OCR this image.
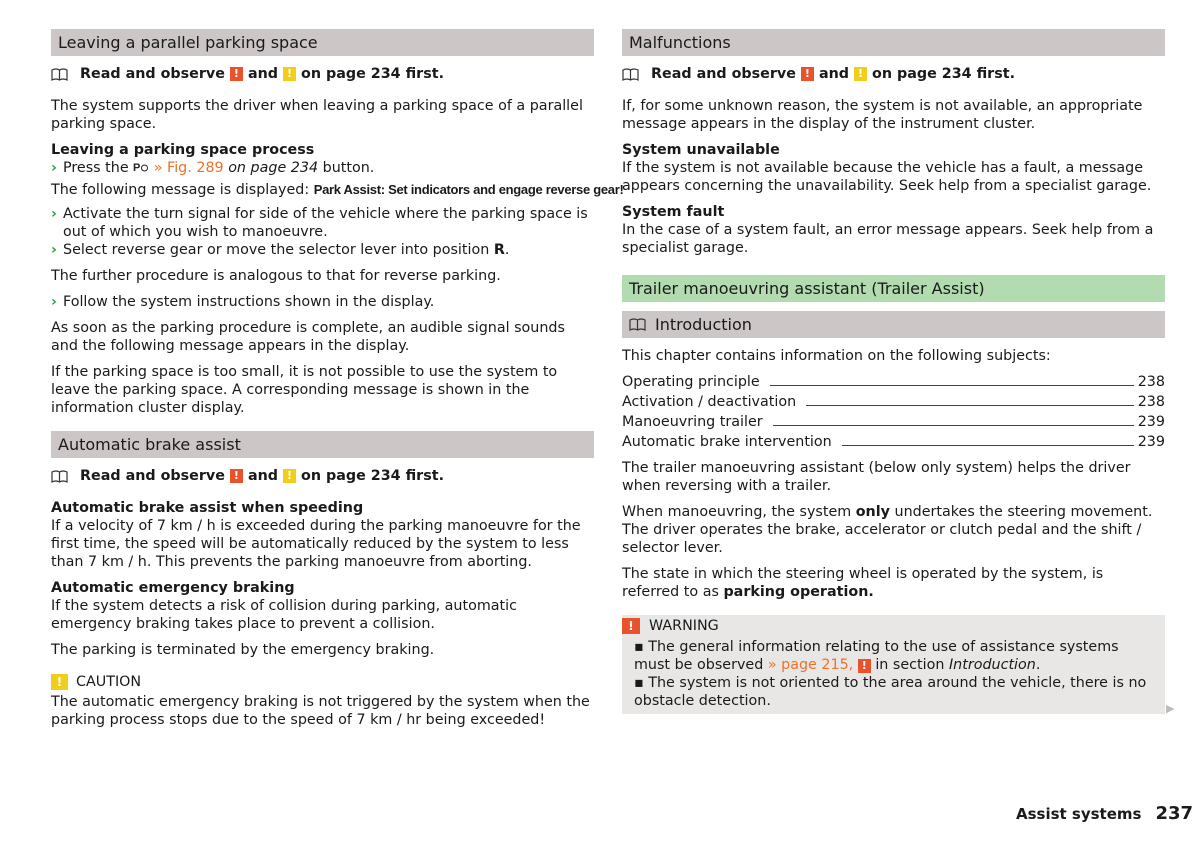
Leaving a parallel parking space
Read and observe ! and ! on page 234 first.

The system supports the driver when leaving a parking space of a parallel parking space.

Leaving a parking space process
› Press the P » Fig. 289 on page 234 button.

The following message is displayed: Park Assist: Set indicators and engage reverse gear!

› Activate the turn signal for side of the vehicle where the parking space is out of which you wish to manoeuvre.
› Select reverse gear or move the selector lever into position R.

The further procedure is analogous to that for reverse parking.

› Follow the system instructions shown in the display.

As soon as the parking procedure is complete, an audible signal sounds and the following message appears in the display.

If the parking space is too small, it is not possible to use the system to leave the parking space. A corresponding message is shown in the information cluster display.

Automatic brake assist
Read and observe ! and ! on page 234 first.
Automatic brake assist when speeding
If a velocity of 7 km / h is exceeded during the parking manoeuvre for the first time, the speed will be automatically reduced by the system to less than 7 km / h. This prevents the parking manoeuvre from aborting.
Automatic emergency braking
If the system detects a risk of collision during parking, automatic emergency braking takes place to prevent a collision.

The parking is terminated by the emergency braking.

! CAUTION
The automatic emergency braking is not triggered by the system when the parking process stops due to the speed of 7 km / hr being exceeded!
Malfunctions
Read and observe ! and ! on page 234 first.

If, for some unknown reason, the system is not available, an appropriate message appears in the display of the instrument cluster.

System unavailable
If the system is not available because the vehicle has a fault, a message appears concerning the unavailability. Seek help from a specialist garage.
System fault
In the case of a system fault, an error message appears. Seek help from a specialist garage.
Trailer manoeuvring assistant (Trailer Assist)
Introduction

This chapter contains information on the following subjects:

Operating principle	238
Activation / deactivation	238
Manoeuvring trailer	239
Automatic brake intervention	239

The trailer manoeuvring assistant (below only system) helps the driver when reversing with a trailer.

When manoeuvring, the system only undertakes the steering movement. The driver operates the brake, accelerator or clutch pedal and the shift / selector lever.

The state in which the steering wheel is operated by the system, is referred to as parking operation.

!	WARNING
▪ The general information relating to the use of assistance systems must be observed » page 215, ! in section Introduction.
▪ The system is not oriented to the area around the vehicle, there is no obstacle detection.	▶
Assist systems 237
